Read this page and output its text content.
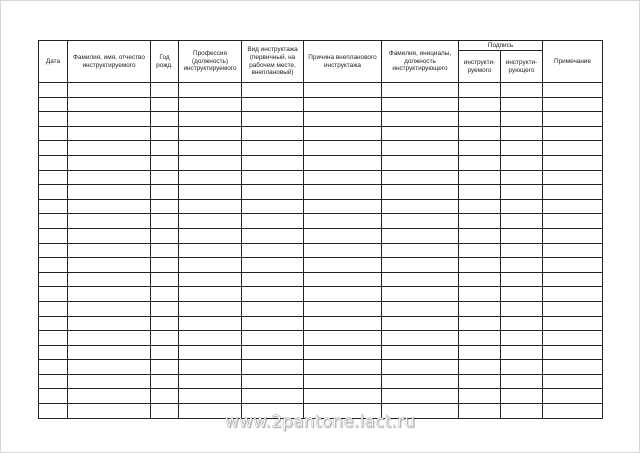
Дата	Фамилия, имя, отчество инструктируемого	Год рожд.	Профессия (должность) инструктируемого	Вид инструктажа (первичный, на рабочем месте, внеплановый)	Причина внепланового инструктажа	Фамилия, инициалы, должность инструктирующего	Подпись		Примечание
							инструкти-руемого	инструкти-рующего	

www.2pantone.lact.ru
